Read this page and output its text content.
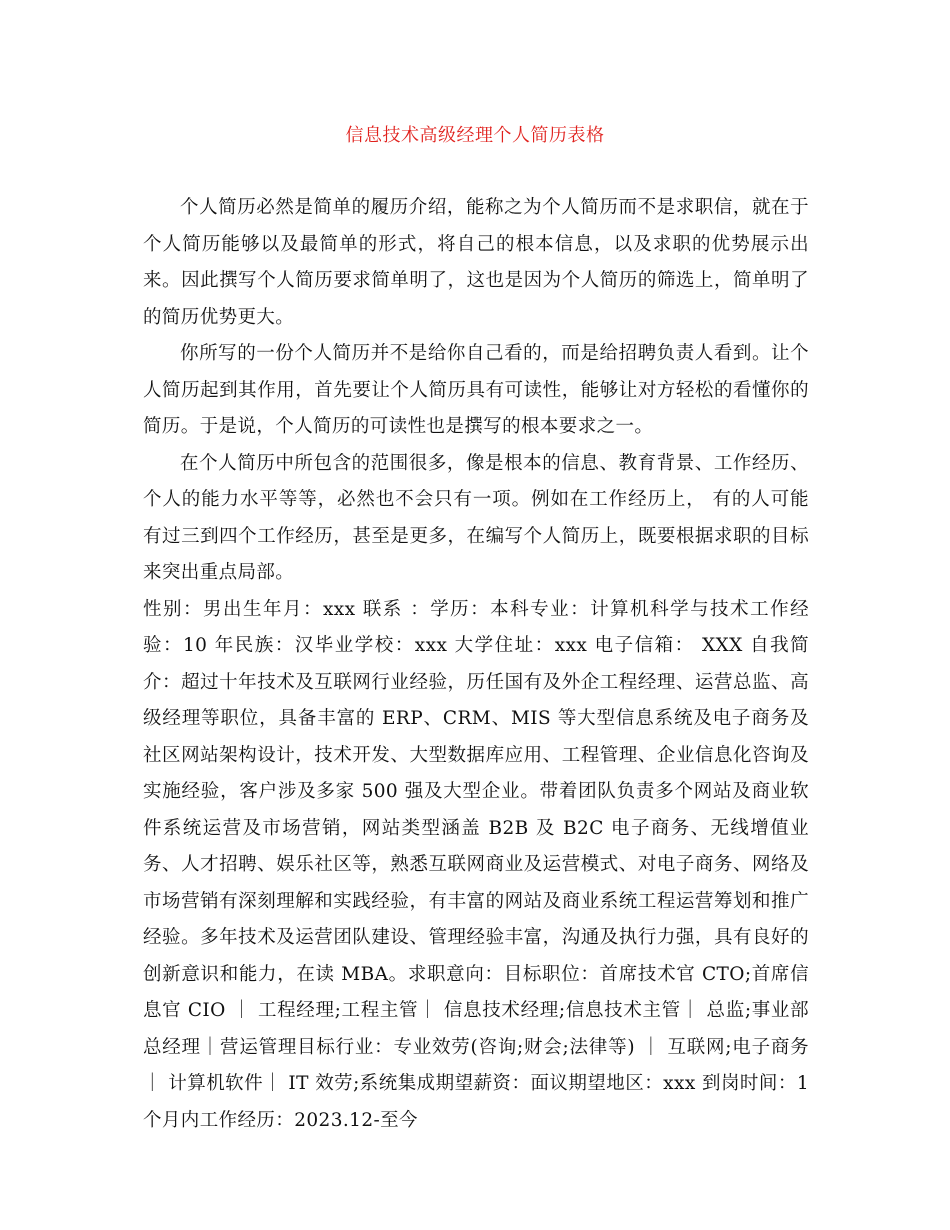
信息技术高级经理个人简历表格

个人简历必然是简单的履历介绍，能称之为个人简历而不是求职信，就在于个人简历能够以及最简单的形式，将自己的根本信息，以及求职的优势展示出来。因此撰写个人简历要求简单明了，这也是因为个人简历的筛选上，简单明了的简历优势更大。

你所写的一份个人简历并不是给你自己看的，而是给招聘负责人看到。让个人简历起到其作用，首先要让个人简历具有可读性，能够让对方轻松的看懂你的简历。于是说，个人简历的可读性也是撰写的根本要求之一。

在个人简历中所包含的范围很多，像是根本的信息、教育背景、工作经历、个人的能力水平等等，必然也不会只有一项。例如在工作经历上， 有的人可能有过三到四个工作经历，甚至是更多，在编写个人简历上，既要根据求职的目标来突出重点局部。

性别：男出生年月：xxx 联系 ：学历：本科专业：计算机科学与技术工作经验：10 年民族：汉毕业学校：xxx 大学住址：xxx 电子信箱： XXX 自我简介：超过十年技术及互联网行业经验，历任国有及外企工程经理、运营总监、高级经理等职位，具备丰富的 ERP、CRM、MIS 等大型信息系统及电子商务及社区网站架构设计，技术开发、大型数据库应用、工程管理、企业信息化咨询及实施经验，客户涉及多家 500 强及大型企业。带着团队负责多个网站及商业软件系统运营及市场营销，网站类型涵盖 B2B 及 B2C 电子商务、无线增值业务、人才招聘、娱乐社区等，熟悉互联网商业及运营模式、对电子商务、网络及市场营销有深刻理解和实践经验，有丰富的网站及商业系统工程运营筹划和推广经验。多年技术及运营团队建设、管理经验丰富，沟通及执行力强，具有良好的创新意识和能力，在读 MBA。求职意向：目标职位：首席技术官 CTO;首席信息官 CIO ｜ 工程经理;工程主管｜ 信息技术经理;信息技术主管｜ 总监;事业部总经理｜营运管理目标行业：专业效劳(咨询;财会;法律等) ｜ 互联网;电子商务｜ 计算机软件｜ IT 效劳;系统集成期望薪资：面议期望地区：xxx 到岗时间：1 个月内工作经历：2023.12-至今
